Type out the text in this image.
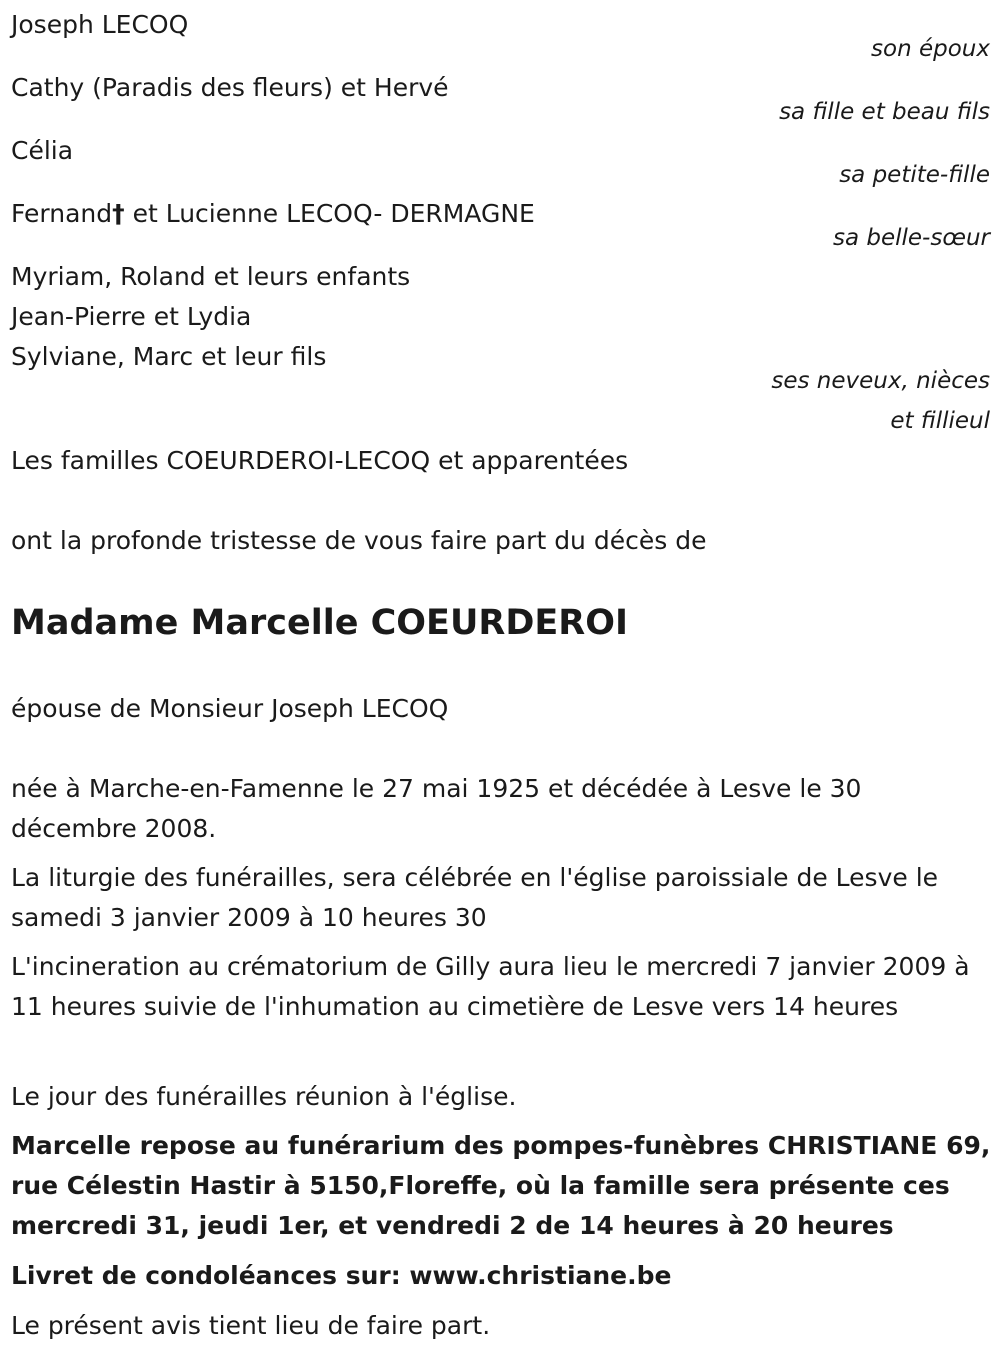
Joseph LECOQ
son époux
Cathy (Paradis des fleurs) et Hervé
sa fille et beau fils
Célia
sa petite-fille
Fernand† et Lucienne LECOQ- DERMAGNE
sa belle-sœur
Myriam, Roland et leurs enfants
Jean-Pierre et Lydia
Sylviane, Marc et leur fils
ses neveux, nièces
et fillieul
Les familles COEURDEROI-LECOQ et apparentées
ont la profonde tristesse de vous faire part du décès de
Madame Marcelle COEURDEROI
épouse de Monsieur Joseph LECOQ
née à Marche-en-Famenne le 27 mai 1925 et décédée à Lesve le 30 décembre 2008.
La liturgie des funérailles, sera célébrée en l'église paroissiale de Lesve le samedi 3 janvier 2009 à 10 heures 30
L'incineration au crématorium de Gilly aura lieu le mercredi 7 janvier 2009 à 11 heures suivie de l'inhumation au cimetière de Lesve vers 14 heures
Le jour des funérailles réunion à l'église.
Marcelle repose au funérarium des pompes-funèbres CHRISTIANE 69, rue Célestin Hastir à 5150,Floreffe, où la famille sera présente ces mercredi 31, jeudi 1er, et vendredi 2 de 14 heures à 20 heures
Livret de condoléances sur: www.christiane.be
Le présent avis tient lieu de faire part.
